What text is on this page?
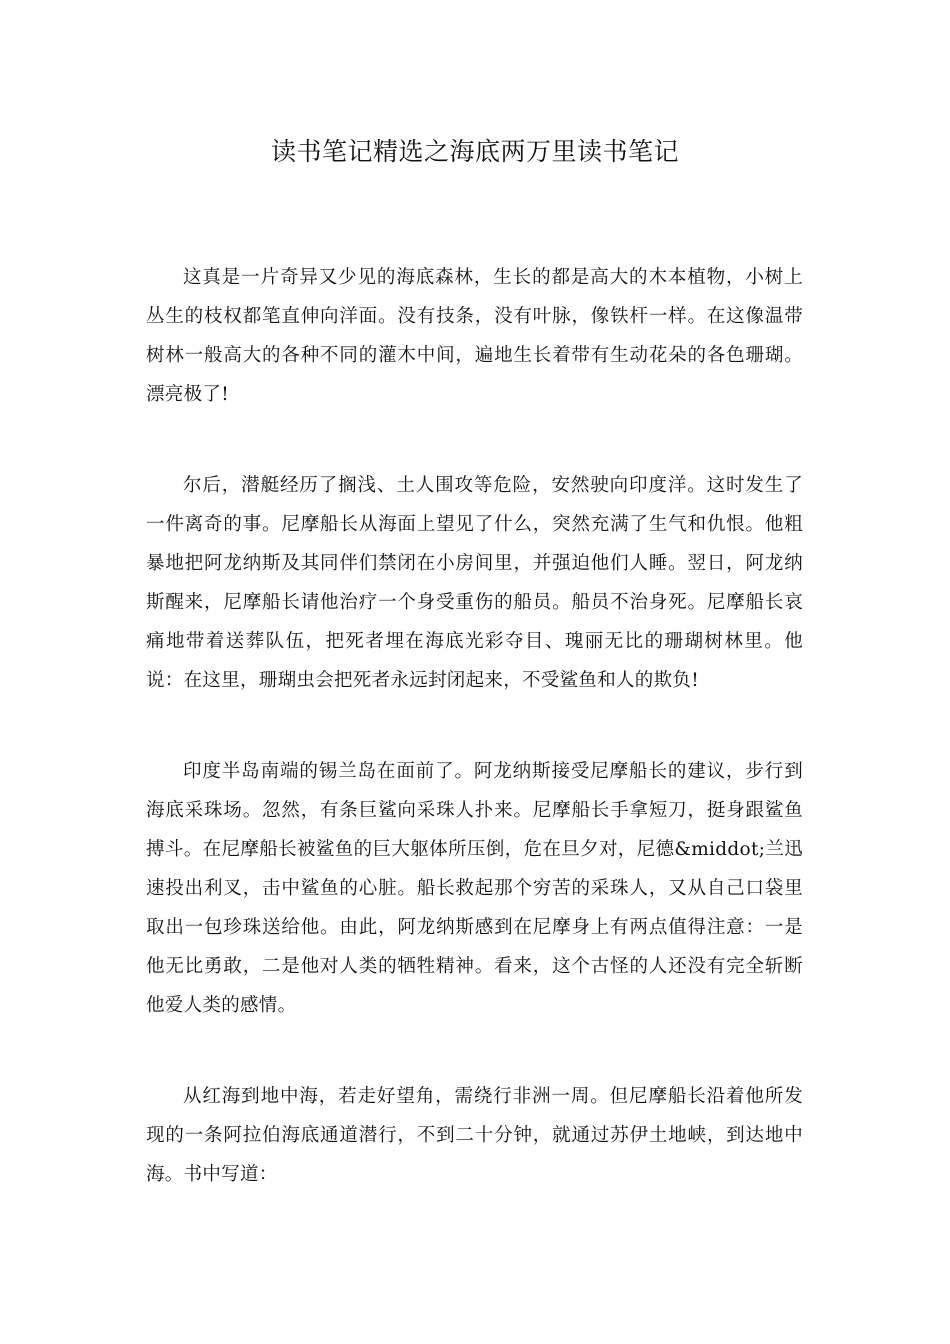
读书笔记精选之海底两万里读书笔记

这真是一片奇异又少见的海底森林，生长的都是高大的木本植物，小树上丛生的枝权都笔直伸向洋面。没有技条，没有叶脉，像铁杆一样。在这像温带树林一般高大的各种不同的灌木中间，遍地生长着带有生动花朵的各色珊瑚。漂亮极了!

尔后，潜艇经历了搁浅、土人围攻等危险，安然驶向印度洋。这时发生了一件离奇的事。尼摩船长从海面上望见了什么，突然充满了生气和仇恨。他粗暴地把阿龙纳斯及其同伴们禁闭在小房间里，并强迫他们人睡。翌日，阿龙纳斯醒来，尼摩船长请他治疗一个身受重伤的船员。船员不治身死。尼摩船长哀痛地带着送葬队伍，把死者埋在海底光彩夺目、瑰丽无比的珊瑚树林里。他说：在这里，珊瑚虫会把死者永远封闭起来，不受鲨鱼和人的欺负!

印度半岛南端的锡兰岛在面前了。阿龙纳斯接受尼摩船长的建议，步行到海底采珠场。忽然，有条巨鲨向采珠人扑来。尼摩船长手拿短刀，挺身跟鲨鱼搏斗。在尼摩船长被鲨鱼的巨大躯体所压倒，危在旦夕对，尼德&middot;兰迅速投出利叉，击中鲨鱼的心脏。船长救起那个穷苦的采珠人，又从自己口袋里取出一包珍珠送给他。由此，阿龙纳斯感到在尼摩身上有两点值得注意：一是他无比勇敢，二是他对人类的牺牲精神。看来，这个古怪的人还没有完全斩断他爱人类的感情。

从红海到地中海，若走好望角，需绕行非洲一周。但尼摩船长沿着他所发现的一条阿拉伯海底通道潜行，不到二十分钟，就通过苏伊土地峡，到达地中海。书中写道：
